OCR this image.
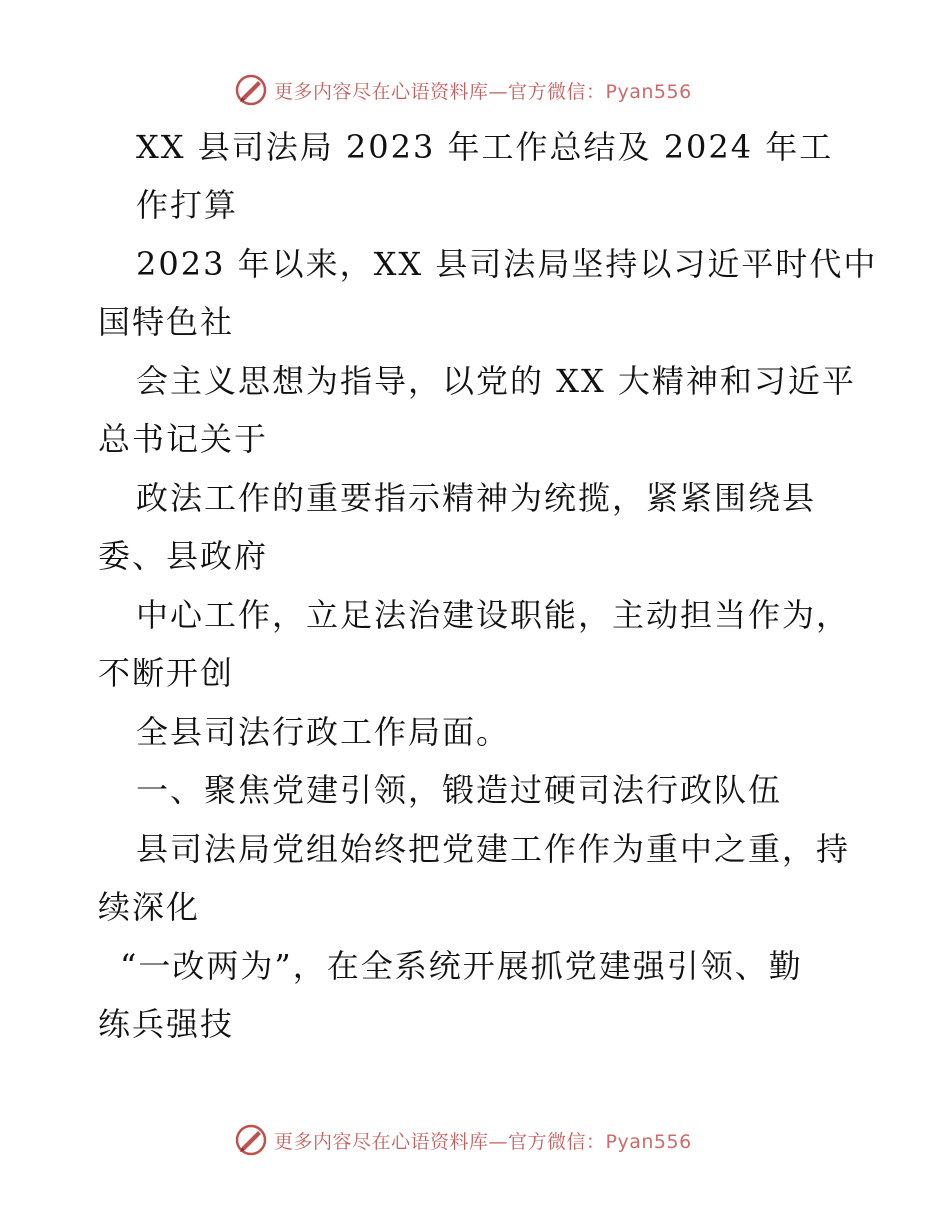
更多内容尽在心语资料库—官方微信：Pyan556
XX 县司法局 2023 年工作总结及 2024 年工
作打算
2023 年以来，XX 县司法局坚持以习近平时代中
国特色社
会主义思想为指导，以党的 XX 大精神和习近平
总书记关于
政法工作的重要指示精神为统揽，紧紧围绕县
委、县政府
中心工作，立足法治建设职能，主动担当作为，
不断开创
全县司法行政工作局面。
一、聚焦党建引领，锻造过硬司法行政队伍
县司法局党组始终把党建工作作为重中之重，持
续深化
“一改两为”，在全系统开展抓党建强引领、勤
练兵强技
更多内容尽在心语资料库—官方微信：Pyan556
